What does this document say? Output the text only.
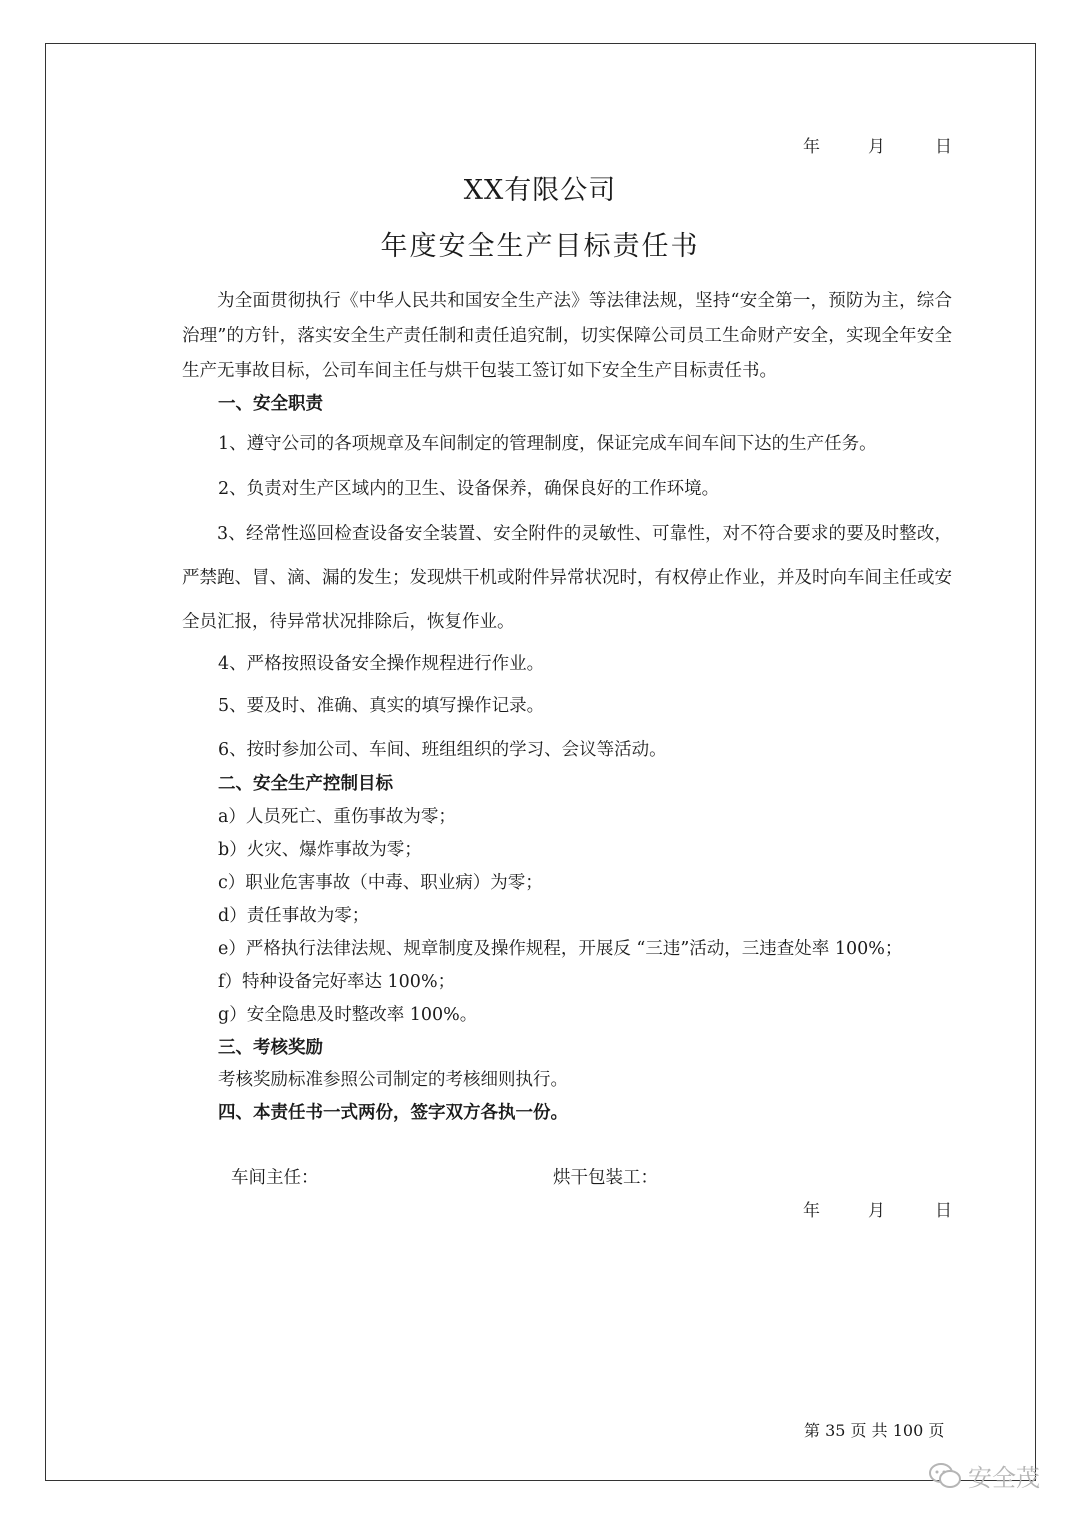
年	月	日
XX有限公司
年度安全生产目标责任书
为全面贯彻执行《中华人民共和国安全生产法》等法律法规，坚持“安全第一，预防为主，综合治理”的方针，落实安全生产责任制和责任追究制，切实保障公司员工生命财产安全，实现全年安全生产无事故目标，公司车间主任与烘干包装工签订如下安全生产目标责任书。
一、安全职责
1、遵守公司的各项规章及车间制定的管理制度，保证完成车间车间下达的生产任务。
2、负责对生产区域内的卫生、设备保养，确保良好的工作环境。
3、经常性巡回检查设备安全装置、安全附件的灵敏性、可靠性，对不符合要求的要及时整改，严禁跑、冒、滴、漏的发生；发现烘干机或附件异常状况时，有权停止作业，并及时向车间主任或安全员汇报，待异常状况排除后，恢复作业。
4、严格按照设备安全操作规程进行作业。
5、要及时、准确、真实的填写操作记录。
6、按时参加公司、车间、班组组织的学习、会议等活动。
二、安全生产控制目标
a）人员死亡、重伤事故为零；
b）火灾、爆炸事故为零；
c）职业危害事故（中毒、职业病）为零；
d）责任事故为零；
e）严格执行法律法规、规章制度及操作规程，开展反 “三违”活动，三违查处率 100%；
f）特种设备完好率达 100%；
g）安全隐患及时整改率 100%。
三、考核奖励
考核奖励标准参照公司制定的考核细则执行。
四、本责任书一式两份，签字双方各执一份。
车间主任：	烘干包装工：
年	月	日
第 35 页 共 100 页
安全茂
